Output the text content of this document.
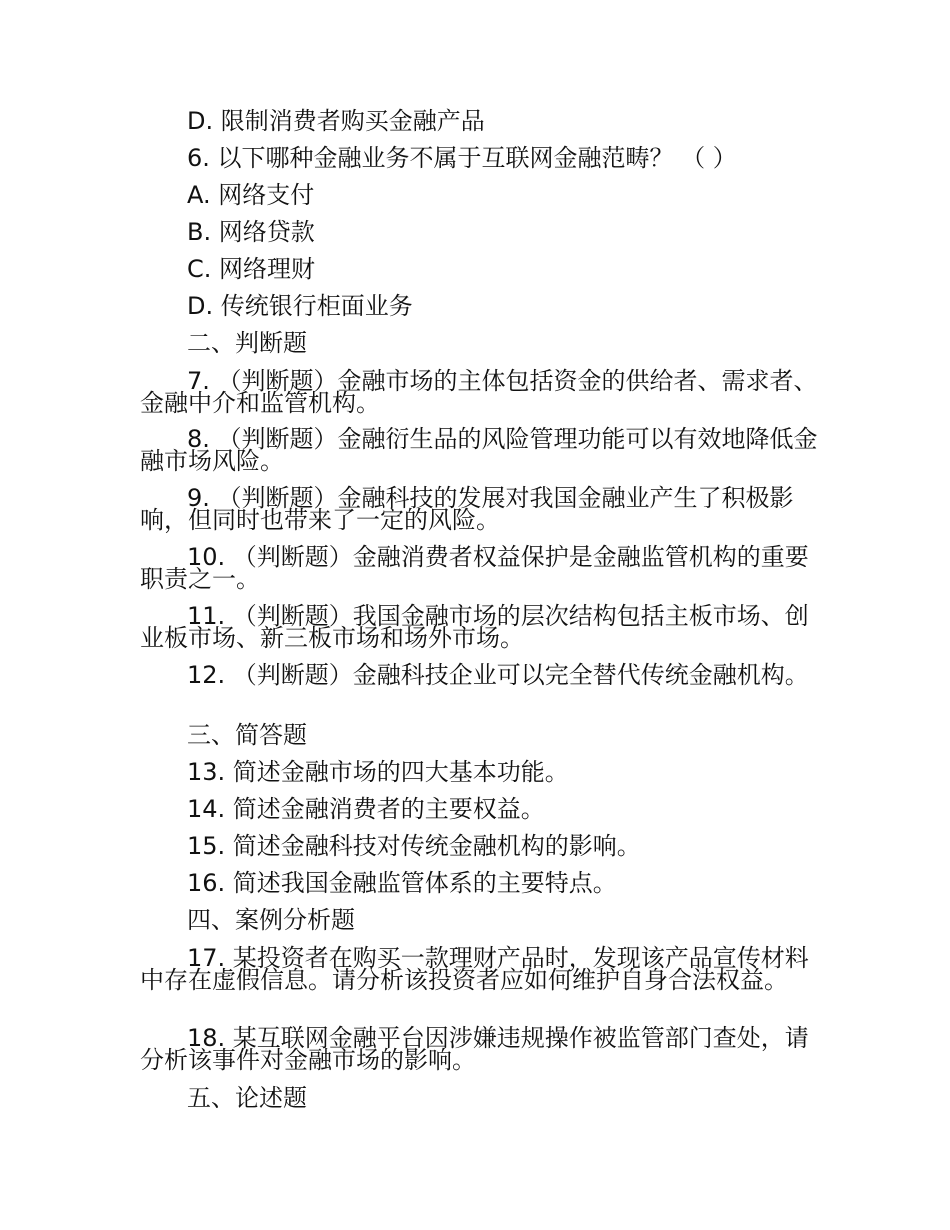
D. 限制消费者购买金融产品
6. 以下哪种金融业务不属于互联网金融范畴？ （ ）
A. 网络支付
B. 网络贷款
C. 网络理财
D. 传统银行柜面业务
二、判断题
7. （判断题）金融市场的主体包括资金的供给者、需求者、金融中介和监管机构。
8. （判断题）金融衍生品的风险管理功能可以有效地降低金融市场风险。
9. （判断题）金融科技的发展对我国金融业产生了积极影响，但同时也带来了一定的风险。
10. （判断题）金融消费者权益保护是金融监管机构的重要职责之一。
11. （判断题）我国金融市场的层次结构包括主板市场、创业板市场、新三板市场和场外市场。
12. （判断题）金融科技企业可以完全替代传统金融机构。
三、简答题
13. 简述金融市场的四大基本功能。
14. 简述金融消费者的主要权益。
15. 简述金融科技对传统金融机构的影响。
16. 简述我国金融监管体系的主要特点。
四、案例分析题
17. 某投资者在购买一款理财产品时，发现该产品宣传材料中存在虚假信息。请分析该投资者应如何维护自身合法权益。
18. 某互联网金融平台因涉嫌违规操作被监管部门查处，请分析该事件对金融市场的影响。
五、论述题
